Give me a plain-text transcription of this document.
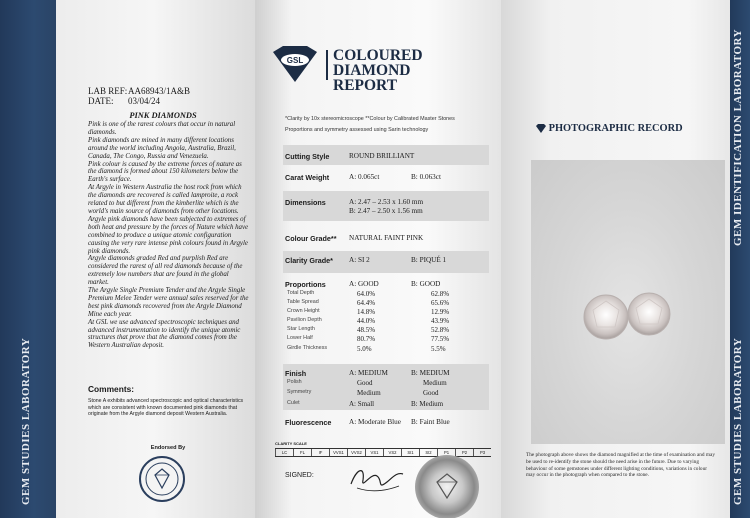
GEM STUDIES LABORATORY
LAB REF:AA68943/1A&B
DATE: 03/04/24
PINK DIAMONDS

Pink is one of the rarest colours that occur in natural diamonds.

Pink diamonds are mined in many different locations around the world including Angola, Australia, Brazil, Canada, The Congo, Russia and Venezuela.

Pink colour is caused by the extreme forces of nature as the diamond is formed about 150 kilometers below the Earth's surface.

At Argyle in Western Australia the host rock from which the diamonds are recovered is called lamproite, a rock related to but different from the kimberlite which is the world's main source of diamonds from other locations.

Argyle pink diamonds have been subjected to extremes of both heat and pressure by the forces of Nature which have combined to produce a unique atomic configuration causing the very rare intense pink colours found in Argyle pink diamonds.

Argyle diamonds graded Red and purplish Red are considered the rarest of all red diamonds because of the extremely low numbers that are found in the global market.

The Argyle Single Premium Tender and the Argyle Single Premium Melee Tender were annual sales reserved for the best pink diamonds recovered from the Argyle Diamond Mine each year.

At GSL we use advanced spectroscopic techniques and advanced instrumentation to identify the unique atomic structures that prove that the diamond comes from the Western Australian deposit.

Comments:
Stone A exhibits advanced spectroscopic and optical characteristics which are consistent with known documented pink diamonds that originate from the Argyle diamond deposit Western Australia.
Endorsed By
GSL COLOURED DIAMOND
REPORT
*Clarity by 10x stereomicroscope **Colour by Calibrated Master Stones
Proportions and symmetry assessed using Sarin technology
Cutting Style	ROUND BRILLIANT
Carat Weight	A: 0.065ct	B: 0.063ct
Dimensions	A: 2.47 – 2.53 x 1.60 mm
B: 2.47 – 2.50 x 1.56 mm
Colour Grade** NATURAL FAINT PINK
Clarity Grade* A: SI 2	B: PIQUÉ 1
Proportions	A: GOOD	B: GOOD
Total Depth	64.0%	62.8%
Table Spread	64.4%	65.6%
Crown Height	14.8%	12.9%
Pavilion Depth	44.0%	43.9%
Star Length	48.5%	52.8%
Lower Half	80.7%	77.5%
Girdle Thickness	5.0%	5.5%
Finish	A: MEDIUM	B: MEDIUM
Polish	Good	Medium
Symmetry	Medium	Good
Culet	A: Small	B: Medium
Fluorescence A: Moderate Blue B: Faint Blue
CLARITY SCALE
LC	FL	IF	VVS1	VVS2	VS1	VS2	SI1	SI2	P1	P2	P3
SIGNED:
PHOTOGRAPHIC RECORD
The photograph above shows the diamond magnified at the time of examination and may be used to re-identify the stone should the need arise in the future. Due to varying behaviour of some gemstones under different lighting conditions, variations in colour may occur in the photograph when compared to the stone.
GEM IDENTIFICATION LABORATORY
GEM STUDIES LABORATORY
